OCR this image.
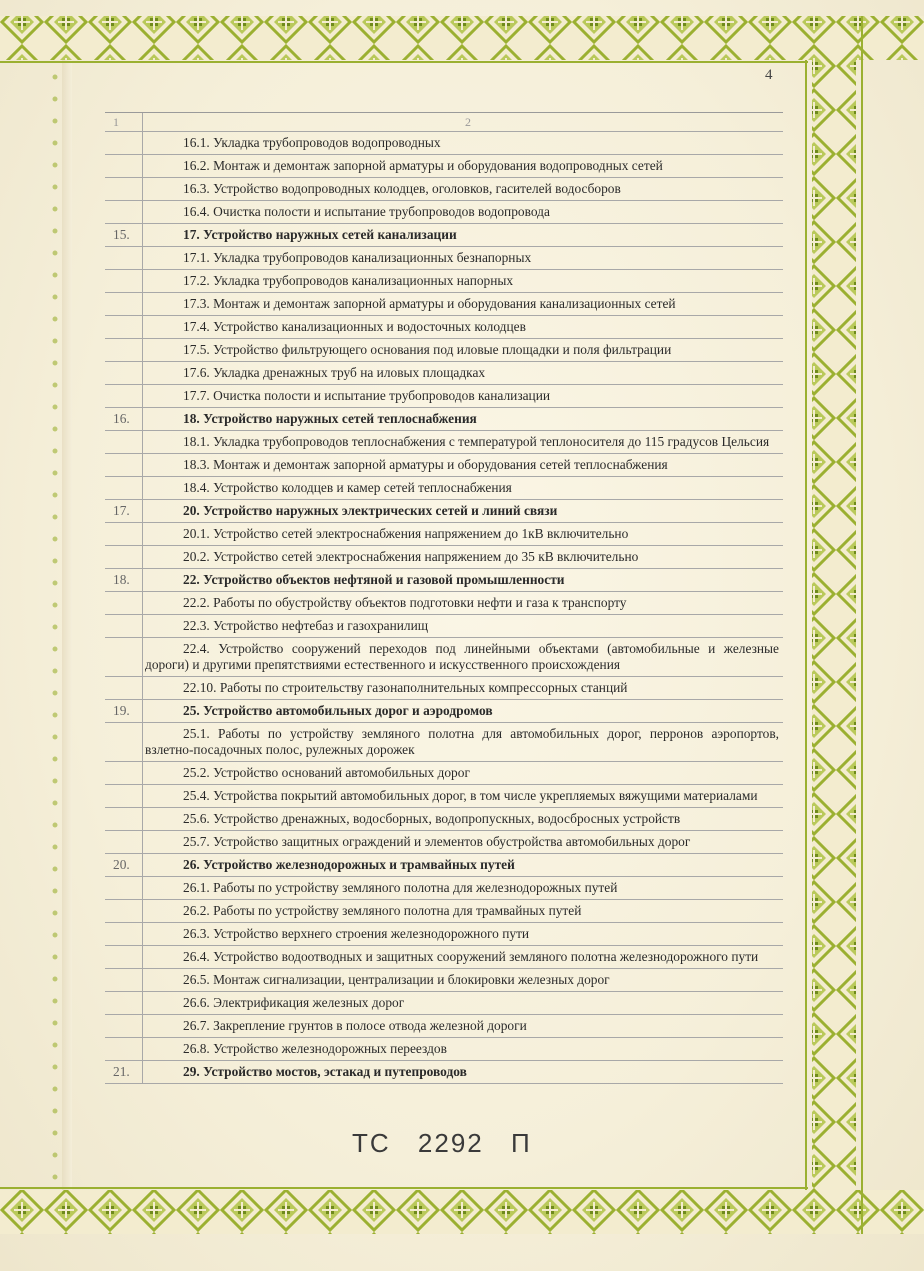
4
1	2
16.1. Укладка трубопроводов водопроводных
16.2. Монтаж и демонтаж запорной арматуры и оборудования водопроводных сетей
16.3. Устройство водопроводных колодцев, оголовков, гасителей водосборов
16.4. Очистка полости и испытание трубопроводов водопровода
15.	17. Устройство наружных сетей канализации
17.1. Укладка трубопроводов канализационных безнапорных
17.2. Укладка трубопроводов канализационных напорных
17.3. Монтаж и демонтаж запорной арматуры и оборудования канализационных сетей
17.4. Устройство канализационных и водосточных колодцев
17.5. Устройство фильтрующего основания под иловые площадки и поля фильтрации
17.6. Укладка дренажных труб на иловых площадках
17.7. Очистка полости и испытание трубопроводов канализации
16.	18. Устройство наружных сетей теплоснабжения
18.1. Укладка трубопроводов теплоснабжения с температурой теплоносителя до 115 градусов Цельсия
18.3. Монтаж и демонтаж запорной арматуры и оборудования сетей теплоснабжения
18.4. Устройство колодцев и камер сетей теплоснабжения
17.	20. Устройство наружных электрических сетей и линий связи
20.1. Устройство сетей электроснабжения напряжением до 1кВ включительно
20.2. Устройство сетей электроснабжения напряжением до 35 кВ включительно
18.	22. Устройство объектов нефтяной и газовой промышленности
22.2. Работы по обустройству объектов подготовки нефти и газа к транспорту
22.3. Устройство нефтебаз и газохранилищ
22.4. Устройство сооружений переходов под линейными объектами (автомобильные и железные дороги) и другими препятствиями естественного и искусственного происхождения
22.10. Работы по строительству газонаполнительных компрессорных станций
19.	25. Устройство автомобильных дорог и аэродромов
25.1. Работы по устройству земляного полотна для автомобильных дорог, перронов аэропортов, взлетно-посадочных полос, рулежных дорожек
25.2. Устройство оснований автомобильных дорог
25.4. Устройства покрытий автомобильных дорог, в том числе укрепляемых вяжущими материалами
25.6. Устройство дренажных, водосборных, водопропускных, водосбросных устройств
25.7. Устройство защитных ограждений и элементов обустройства автомобильных дорог
20.	26. Устройство железнодорожных и трамвайных путей
26.1. Работы по устройству земляного полотна для железнодорожных путей
26.2. Работы по устройству земляного полотна для трамвайных путей
26.3. Устройство верхнего строения железнодорожного пути
26.4. Устройство водоотводных и защитных сооружений земляного полотна железнодорожного пути
26.5. Монтаж сигнализации, централизации и блокировки железных дорог
26.6. Электрификация железных дорог
26.7. Закрепление грунтов в полосе отвода железной дороги
26.8. Устройство железнодорожных переездов
21.	29. Устройство мостов, эстакад и путепроводов
ТС 2292 П
